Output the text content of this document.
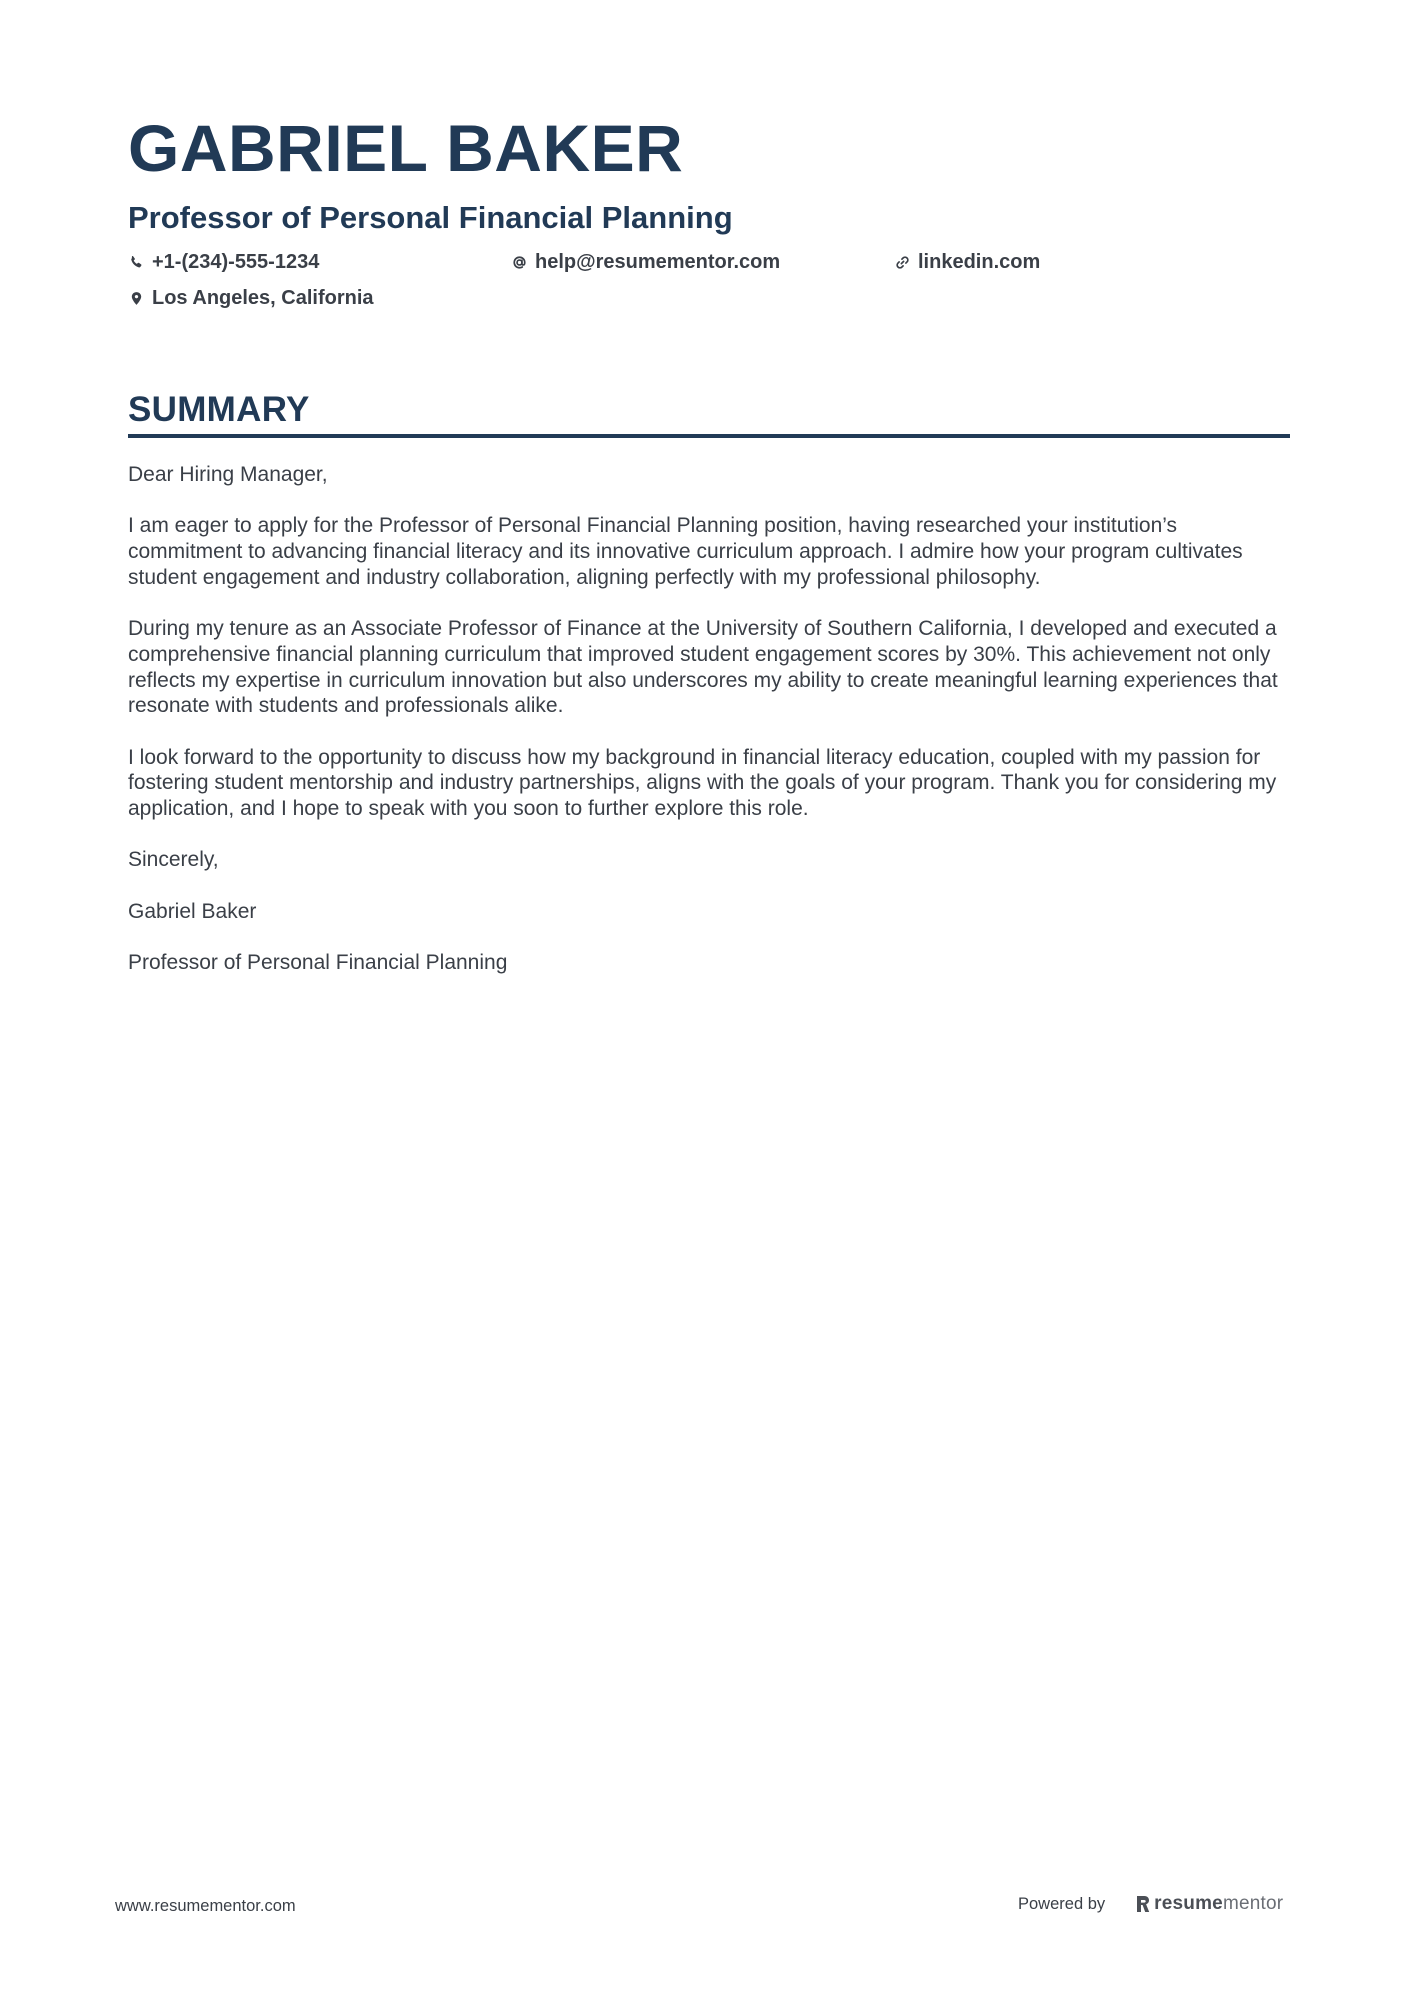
GABRIEL BAKER
Professor of Personal Financial Planning
+1-(234)-555-1234	help@resumementor.com	linkedin.com
Los Angeles, California
SUMMARY

Dear Hiring Manager,

I am eager to apply for the Professor of Personal Financial Planning position, having researched your institution’s commitment to advancing financial literacy and its innovative curriculum approach. I admire how your program cultivates student engagement and industry collaboration, aligning perfectly with my professional philosophy.

During my tenure as an Associate Professor of Finance at the University of Southern California, I developed and executed a comprehensive financial planning curriculum that improved student engagement scores by 30%. This achievement not only reflects my expertise in curriculum innovation but also underscores my ability to create meaningful learning experiences that resonate with students and professionals alike.

I look forward to the opportunity to discuss how my background in financial literacy education, coupled with my passion for fostering student mentorship and industry partnerships, aligns with the goals of your program. Thank you for considering my application, and I hope to speak with you soon to further explore this role.

Sincerely,

Gabriel Baker

Professor of Personal Financial Planning

www.resumementor.com	Powered by	resume mentor
